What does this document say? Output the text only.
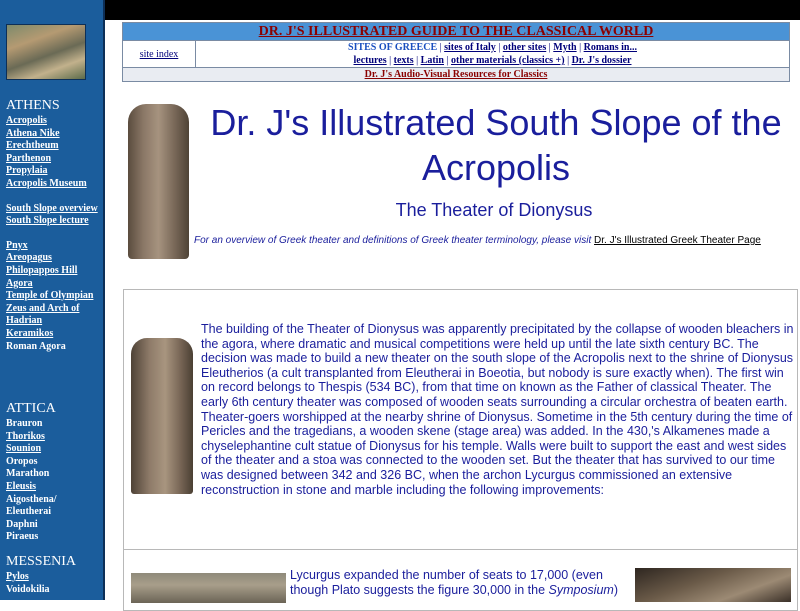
ATHENS
Acropolis
Athena Nike
Erechtheum
Parthenon
Propylaia
Acropolis Museum
South Slope overview
South Slope lecture
Pnyx
Areopagus
Philopappos Hill
Agora
Temple of Olympian Zeus and Arch of Hadrian
Keramikos
Roman Agora
ATTICA
Brauron
Thorikos
Sounion
Oropos
Marathon
Eleusis
Aigosthena/ Eleutherai
Daphni
Piraeus
MESSENIA
Pylos
Voidokilia
DR. J'S ILLUSTRATED GUIDE TO THE CLASSICAL WORLD
site index
SITES OF GREECE | sites of Italy | other sites | Myth | Romans in...
lectures | texts | Latin | other materials (classics +) | Dr. J's dossier
Dr. J's Audio-Visual Resources for Classics
Dr. J's Illustrated South Slope of the Acropolis
The Theater of Dionysus
For an overview of Greek theater and definitions of Greek theater terminology, please visit Dr. J's Illustrated Greek Theater Page
The building of the Theater of Dionysus was apparently precipitated by the collapse of wooden bleachers in the agora, where dramatic and musical competitions were held up until the late sixth century BC. The decision was made to build a new theater on the south slope of the Acropolis next to the shrine of Dionysus Eleutherios (a cult transplanted from Eleutherai in Boeotia, but nobody is sure exactly when). The first win on record belongs to Thespis (534 BC), from that time on known as the Father of classical Theater. The early 6th century theater was composed of wooden seats surrounding a circular orchestra of beaten earth. Theater-goers worshipped at the nearby shrine of Dionysus. Sometime in the 5th century during the time of Pericles and the tragedians, a wooden skene (stage area) was added. In the 430,'s Alkamenes made a chyselephantine cult statue of Dionysus for his temple. Walls were built to support the east and west sides of the theater and a stoa was connected to the wooden set. But the theater that has survived to our time was designed between 342 and 326 BC, when the archon Lycurgus commissioned an extensive reconstruction in stone and marble including the following improvements:
Lycurgus expanded the number of seats to 17,000 (even though Plato suggests the figure 30,000 in the Symposium)
